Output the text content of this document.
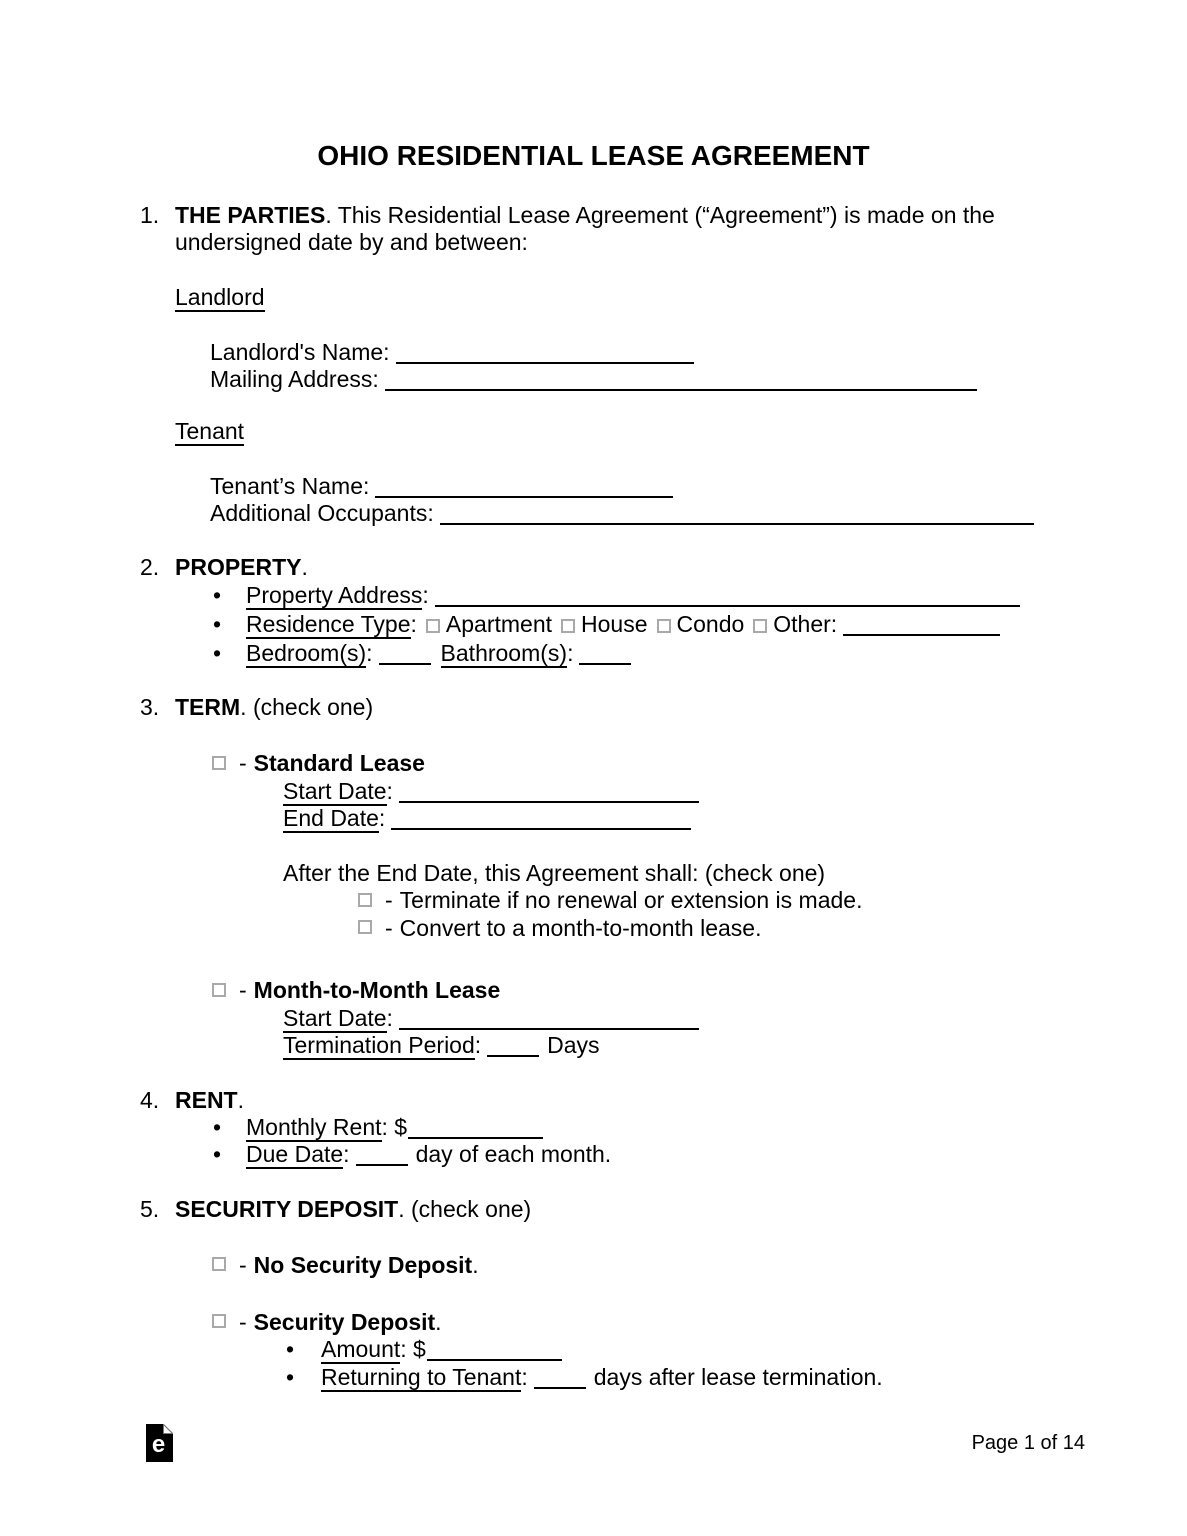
OHIO RESIDENTIAL LEASE AGREEMENT
1. THE PARTIES. This Residential Lease Agreement (“Agreement”) is made on the undersigned date by and between:

Landlord

Landlord's Name:
Mailing Address:

Tenant

Tenant’s Name:
Additional Occupants:
2. PROPERTY.

•
Property Address:
•
Residence Type: Apartment House Condo Other:
•
Bedroom(s):	Bathroom(s):
3. TERM. (check one)

- Standard Lease
Start Date:
End Date:
After the End Date, this Agreement shall: (check one)
- Terminate if no renewal or extension is made.
- Convert to a month-to-month lease.
- Month-to-Month Lease
Start Date:
Termination Period:	Days
4. RENT.

•
Monthly Rent: $
•
Due Date:	day of each month.
5. SECURITY DEPOSIT. (check one)

- No Security Deposit .
- Security Deposit .
•
Amount: $
•
Returning to Tenant:	days after lease termination.
e	Page 1 of 14
